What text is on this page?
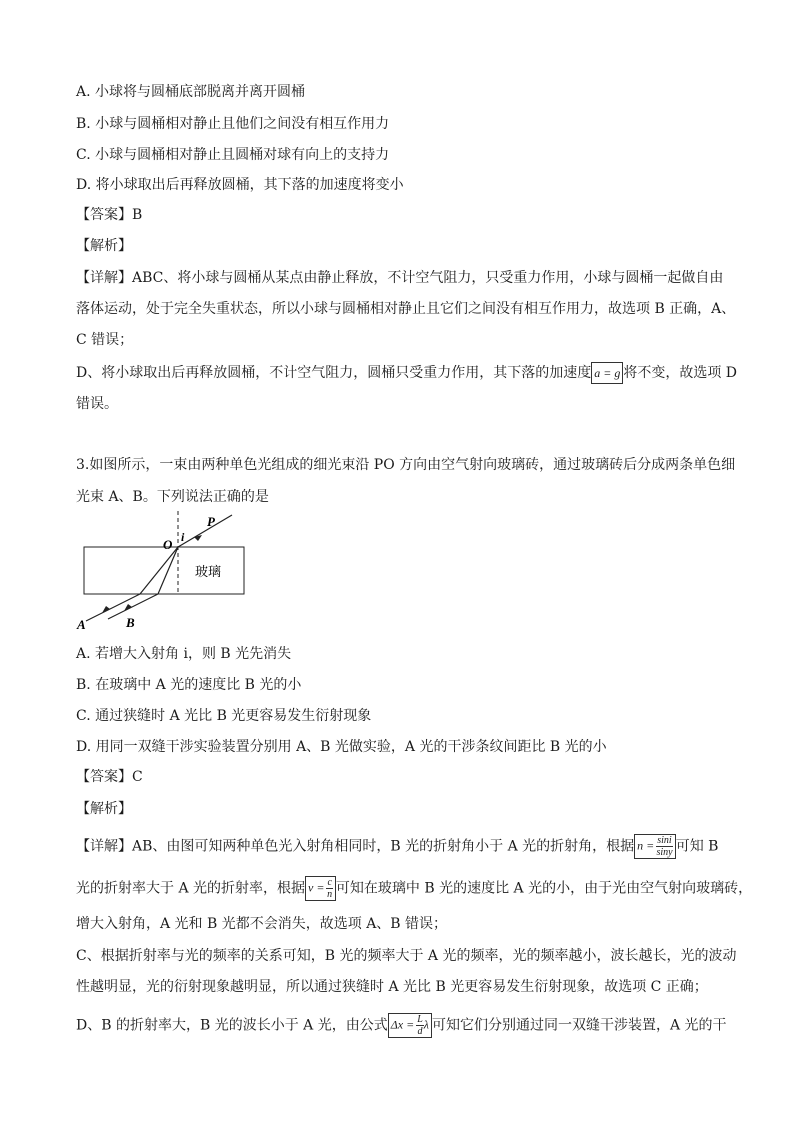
A. 小球将与圆桶底部脱离并离开圆桶
B. 小球与圆桶相对静止且他们之间没有相互作用力
C. 小球与圆桶相对静止且圆桶对球有向上的支持力
D. 将小球取出后再释放圆桶，其下落的加速度将变小
【答案】B
【解析】
【详解】ABC、将小球与圆桶从某点由静止释放，不计空气阻力，只受重力作用，小球与圆桶一起做自由
落体运动，处于完全失重状态，所以小球与圆桶相对静止且它们之间没有相互作用力，故选项 B 正确，A、
C 错误；
D、将小球取出后再释放圆桶，不计空气阻力，圆桶只受重力作用，其下落的加速度 a = g 将不变，故选项 D
错误。
3.如图所示，一束由两种单色光组成的细光束沿 PO 方向由空气射向玻璃砖，通过玻璃砖后分成两条单色细
光束 A、B。下列说法正确的是
P
O i
玻璃
A	B
A. 若增大入射角 i，则 B 光先消失
B. 在玻璃中 A 光的速度比 B 光的小
C. 通过狭缝时 A 光比 B 光更容易发生衍射现象
D. 用同一双缝干涉实验装置分别用 A、B 光做实验，A 光的干涉条纹间距比 B 光的小
【答案】C
【解析】
【详解】AB、由图可知两种单色光入射角相同时，B 光的折射角小于 A 光的折射角，根据 $n = \frac{\sin i}{\sin y}$ 可知 B
光的折射率大于 A 光的折射率，根据 $v = \frac{c}{n}$ 可知在玻璃中 B 光的速度比 A 光的小，由于光由空气射向玻璃砖，
增大入射角，A 光和 B 光都不会消失，故选项 A、B 错误；
C、根据折射率与光的频率的关系可知，B 光的频率大于 A 光的频率，光的频率越小，波长越长，光的波动
性越明显，光的衍射现象越明显，所以通过狭缝时 A 光比 B 光更容易发生衍射现象，故选项 C 正确；
D、B 的折射率大，B 光的波长小于 A 光，由公式 $\Delta x = \frac{L}{d}$ λ 可知它们分别通过同一双缝干涉装置，A 光的干
